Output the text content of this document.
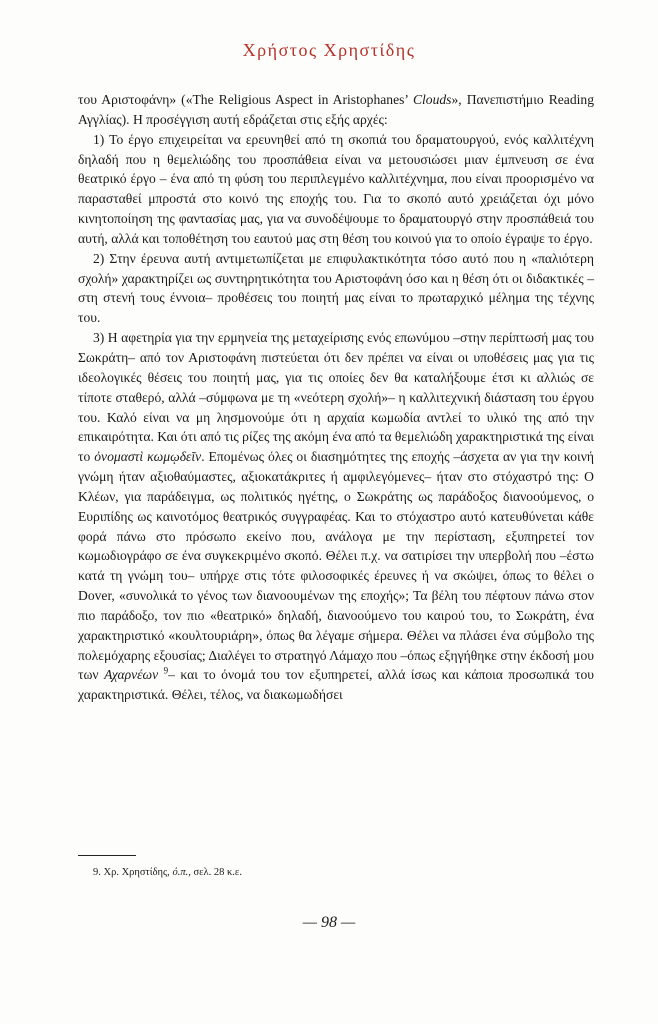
Χρήστος Χρηστίδης

του Αριστοφάνη» («The Religious Aspect in Aristophanes’ Clouds», Πανεπιστήμιο Reading Αγγλίας). Η προσέγγιση αυτή εδράζεται στις εξής αρχές:

1) Το έργο επιχειρείται να ερευνηθεί από τη σκοπιά του δραματουργού, ενός καλλιτέχνη δηλαδή που η θεμελιώδης του προσπάθεια είναι να μετουσιώσει μιαν έμπνευση σε ένα θεατρικό έργο – ένα από τη φύση του περιπλεγμένο καλλιτέχνημα, που είναι προορισμένο να παρασταθεί μπροστά στο κοινό της εποχής του. Για το σκοπό αυτό χρειάζεται όχι μόνο κινητοποίηση της φαντασίας μας, για να συνοδέψουμε το δραματουργό στην προσπάθειά του αυτή, αλλά και τοποθέτηση του εαυτού μας στη θέση του κοινού για το οποίο έγραψε το έργο.

2) Στην έρευνα αυτή αντιμετωπίζεται με επιφυλακτικότητα τόσο αυτό που η «παλιότερη σχολή» χαρακτηρίζει ως συντηρητικότητα του Αριστοφάνη όσο και η θέση ότι οι διδακτικές –στη στενή τους έννοια– προθέσεις του ποιητή μας είναι το πρωταρχικό μέλημα της τέχνης του.

3) Η αφετηρία για την ερμηνεία της μεταχείρισης ενός επωνύμου –στην περίπτωσή μας του Σωκράτη– από τον Αριστοφάνη πιστεύεται ότι δεν πρέπει να είναι οι υποθέσεις μας για τις ιδεολογικές θέσεις του ποιητή μας, για τις οποίες δεν θα καταλήξουμε έτσι κι αλλιώς σε τίποτε σταθερό, αλλά –σύμφωνα με τη «νεότερη σχολή»– η καλλιτεχνική διάσταση του έργου του. Καλό είναι να μη λησμονούμε ότι η αρχαία κωμωδία αντλεί το υλικό της από την επικαιρότητα. Και ότι από τις ρίζες της ακόμη ένα από τα θεμελιώδη χαρακτηριστικά της είναι το ὀνομαστὶ κωμῳδεῖν. Επομένως όλες οι διασημότητες της εποχής –άσχετα αν για την κοινή γνώμη ήταν αξιοθαύμαστες, αξιοκατάκριτες ή αμφιλεγόμενες– ήταν στο στόχαστρό της: Ο Κλέων, για παράδειγμα, ως πολιτικός ηγέτης, ο Σωκράτης ως παράδοξος διανοούμενος, ο Ευριπίδης ως καινοτόμος θεατρικός συγγραφέας. Και το στόχαστρο αυτό κατευθύνεται κάθε φορά πάνω στο πρόσωπο εκείνο που, ανάλογα με την περίσταση, εξυπηρετεί τον κωμωδιογράφο σε ένα συγκεκριμένο σκοπό. Θέλει π.χ. να σατιρίσει την υπερβολή που –έστω κατά τη γνώμη του– υπήρχε στις τότε φιλοσοφικές έρευνες ή να σκώψει, όπως το θέλει ο Dover, «συνολικά το γένος των διανοουμένων της εποχής»; Τα βέλη του πέφτουν πάνω στον πιο παράδοξο, τον πιο «θεατρικό» δηλαδή, διανοούμενο του καιρού του, το Σωκράτη, ένα χαρακτηριστικό «κουλτουριάρη», όπως θα λέγαμε σήμερα. Θέλει να πλάσει ένα σύμβολο της πολεμόχαρης εξουσίας; Διαλέγει το στρατηγό Λάμαχο που –όπως εξηγήθηκε στην έκδοσή μου των Αχαρνέων $^9$– και το όνομά του τον εξυπηρετεί, αλλά ίσως και κάποια προσωπικά του χαρακτηριστικά. Θέλει, τέλος, να διακωμωδήσει

9. Χρ. Χρηστίδης, ό.π., σελ. 28 κ.ε.
— 98 —
